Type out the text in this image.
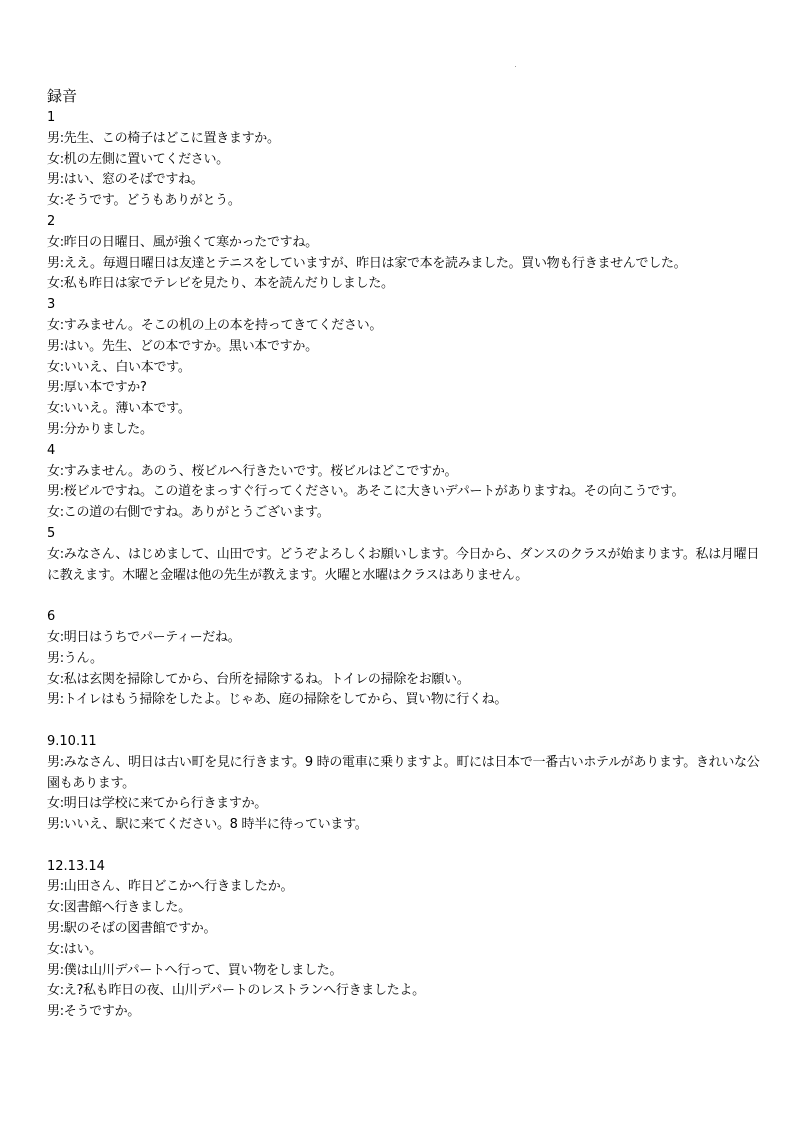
録音
1
男:先生、この椅子はどこに置きますか。
女:机の左側に置いてください。
男:はい、窓のそばですね。
女:そうです。どうもありがとう。
2
女:昨日の日曜日、風が強くて寒かったですね。
男:ええ。毎週日曜日は友達とテニスをしていますが、昨日は家で本を読みました。買い物も行きませんでした。
女:私も昨日は家でテレビを見たり、本を読んだりしました。
3
女:すみません。そこの机の上の本を持ってきてください。
男:はい。先生、どの本ですか。黒い本ですか。
女:いいえ、白い本です。
男:厚い本ですか?
女:いいえ。薄い本です。
男:分かりました。
4
女:すみません。あのう、桜ビルへ行きたいです。桜ビルはどこですか。
男:桜ビルですね。この道をまっすぐ行ってください。あそこに大きいデパートがありますね。その向こうです。
女:この道の右側ですね。ありがとうございます。
5
女:みなさん、はじめまして、山田です。どうぞよろしくお願いします。今日から、ダンスのクラスが始まります。私は月曜日に教えます。木曜と金曜は他の先生が教えます。火曜と水曜はクラスはありません。
6
女:明日はうちでパーティーだね。
男:うん。
女:私は玄関を掃除してから、台所を掃除するね。トイレの掃除をお願い。
男:トイレはもう掃除をしたよ。じゃあ、庭の掃除をしてから、買い物に行くね。
9.10.11
男:みなさん、明日は古い町を見に行きます。9 時の電車に乗りますよ。町には日本で一番古いホテルがあります。きれいな公園もあります。
女:明日は学校に来てから行きますか。
男:いいえ、駅に来てください。8 時半に待っています。
12.13.14
男:山田さん、昨日どこかへ行きましたか。
女:図書館へ行きました。
男:駅のそばの図書館ですか。
女:はい。
男:僕は山川デパートへ行って、買い物をしました。
女:え?私も昨日の夜、山川デパートのレストランへ行きましたよ。
男:そうですか。
